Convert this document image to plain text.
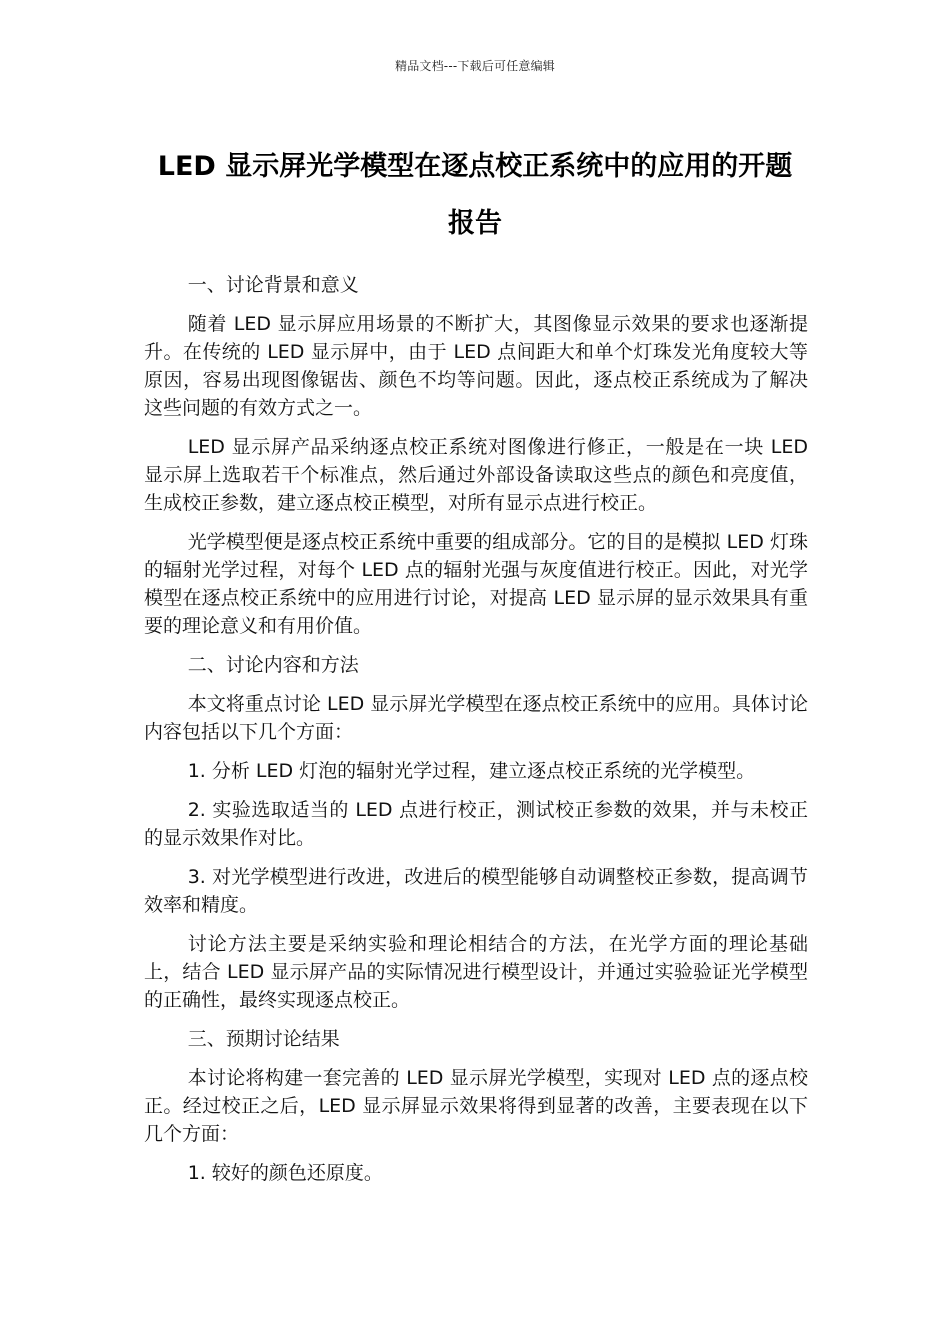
精品文档---下载后可任意编辑
LED 显示屏光学模型在逐点校正系统中的应用的开题报告

一、讨论背景和意义

随着 LED 显示屏应用场景的不断扩大，其图像显示效果的要求也逐渐提升。在传统的 LED 显示屏中，由于 LED 点间距大和单个灯珠发光角度较大等原因，容易出现图像锯齿、颜色不均等问题。因此，逐点校正系统成为了解决这些问题的有效方式之一。

LED 显示屏产品采纳逐点校正系统对图像进行修正，一般是在一块 LED 显示屏上选取若干个标准点，然后通过外部设备读取这些点的颜色和亮度值，生成校正参数，建立逐点校正模型，对所有显示点进行校正。

光学模型便是逐点校正系统中重要的组成部分。它的目的是模拟 LED 灯珠的辐射光学过程，对每个 LED 点的辐射光强与灰度值进行校正。因此，对光学模型在逐点校正系统中的应用进行讨论，对提高 LED 显示屏的显示效果具有重要的理论意义和有用价值。

二、讨论内容和方法

本文将重点讨论 LED 显示屏光学模型在逐点校正系统中的应用。具体讨论内容包括以下几个方面：

1. 分析 LED 灯泡的辐射光学过程，建立逐点校正系统的光学模型。

2. 实验选取适当的 LED 点进行校正，测试校正参数的效果，并与未校正的显示效果作对比。

3. 对光学模型进行改进，改进后的模型能够自动调整校正参数，提高调节效率和精度。

讨论方法主要是采纳实验和理论相结合的方法，在光学方面的理论基础上，结合 LED 显示屏产品的实际情况进行模型设计，并通过实验验证光学模型的正确性，最终实现逐点校正。

三、预期讨论结果

本讨论将构建一套完善的 LED 显示屏光学模型，实现对 LED 点的逐点校正。经过校正之后，LED 显示屏显示效果将得到显著的改善，主要表现在以下几个方面：

1. 较好的颜色还原度。
